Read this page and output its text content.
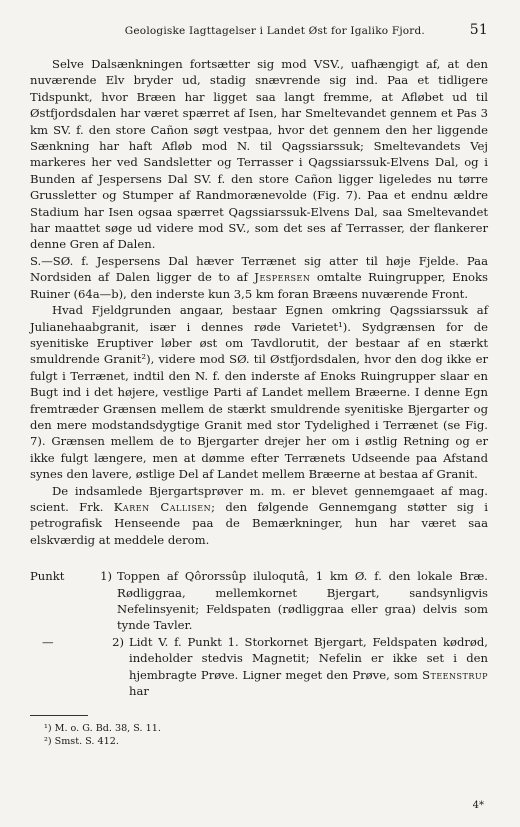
Geologiske Iagttagelser i Landet Øst for Igaliko Fjord.	51

Selve Dalsænkningen fortsætter sig mod VSV., uafhængigt af, at den nuværende Elv bryder ud, stadig snævrende sig ind. Paa et tidligere Tidspunkt, hvor Bræen har ligget saa langt fremme, at Afløbet ud til Østfjordsdalen har været spærret af Isen, har Smeltevandet gennem et Pas 3 km SV. f. den store Cañon søgt vestpaa, hvor det gennem den her liggende Sænkning har haft Afløb mod N. til Qagssiarssuk; Smeltevandets Vej markeres her ved Sandsletter og Terrasser i Qagssiarssuk-Elvens Dal, og i Bunden af Jespersens Dal SV. f. den store Cañon ligger ligeledes nu tørre Grussletter og Stumper af Randmorænevolde (Fig. 7). Paa et endnu ældre Stadium har Isen ogsaa spærret Qagssiarssuk-Elvens Dal, saa Smeltevandet har maattet søge ud videre mod SV., som det ses af Terrasser, der flankerer denne Gren af Dalen.

S.—SØ. f. Jespersens Dal hæver Terrænet sig atter til høje Fjelde. Paa Nordsiden af Dalen ligger de to af Jespersen omtalte Ruingrupper, Enoks Ruiner (64a—b), den inderste kun 3,5 km foran Bræens nuværende Front.

Hvad Fjeldgrunden angaar, bestaar Egnen omkring Qagssiarssuk af Julianehaabgranit, især i dennes røde Varietet¹). Sydgrænsen for de syenitiske Eruptiver løber øst om Tavdlorutit, der bestaar af en stærkt smuldrende Granit²), videre mod SØ. til Østfjordsdalen, hvor den dog ikke er fulgt i Terrænet, indtil den N. f. den inderste af Enoks Ruingrupper slaar en Bugt ind i det højere, vestlige Parti af Landet mellem Bræerne. I denne Egn fremtræder Grænsen mellem de stærkt smuldrende syenitiske Bjergarter og den mere modstandsdygtige Granit med stor Tydelighed i Terrænet (se Fig. 7). Grænsen mellem de to Bjergarter drejer her om i østlig Retning og er ikke fulgt længere, men at dømme efter Terrænets Udseende paa Afstand synes den lavere, østlige Del af Landet mellem Bræerne at bestaa af Granit.

De indsamlede Bjergartsprøver m. m. er blevet gennemgaaet af mag. scient. Frk. Karen Callisen; den følgende Gennemgang støtter sig i petrografisk Henseende paa de Bemærkninger, hun har været saa elskværdig at meddele derom.

Punkt	1) Toppen af Qôrorssûp iluloqutâ, 1 km Ø. f. den lokale Bræ. Rødliggraa, mellemkornet Bjergart, sandsynligvis Nefelinsyenit; Feldspaten (rødliggraa eller graa) delvis som tynde Tavler.
—	2) Lidt V. f. Punkt 1. Storkornet Bjergart, Feldspaten kødrød, indeholder stedvis Magnetit; Nefelin er ikke set i den hjembragte Prøve. Ligner meget den Prøve, som Steenstrup har
¹) M. o. G. Bd. 38, S. 11.
²) Smst. S. 412.
4*
